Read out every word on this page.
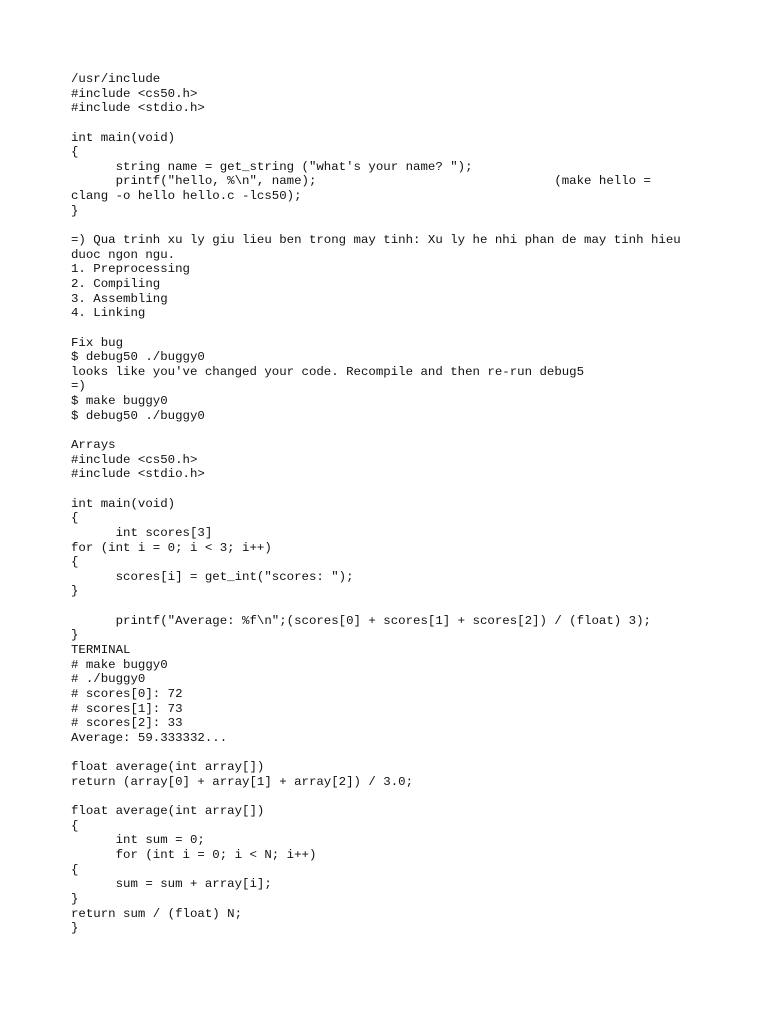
/usr/include
#include <cs50.h>
#include <stdio.h>
int main(void)
{
string name = get_string ("what's your name? ");
printf("hello, %\n", name);                                (make hello =
clang -o hello hello.c -lcs50);
}
=) Qua trinh xu ly giu lieu ben trong may tinh: Xu ly he nhi phan de may tinh hieu
duoc ngon ngu.
1. Preprocessing
2. Compiling
3. Assembling
4. Linking
Fix bug
$ debug50 ./buggy0
looks like you've changed your code. Recompile and then re-run debug5
=)
$ make buggy0
$ debug50 ./buggy0
Arrays
#include <cs50.h>
#include <stdio.h>
int main(void)
{
int scores[3]
for (int i = 0; i < 3; i++)
{
scores[i] = get_int("scores: ");
}
printf("Average: %f\n";(scores[0] + scores[1] + scores[2]) / (float) 3);
}
TERMINAL
# make buggy0
# ./buggy0
# scores[0]: 72
# scores[1]: 73
# scores[2]: 33
Average: 59.333332...
float average(int array[])
return (array[0] + array[1] + array[2]) / 3.0;
float average(int array[])
{
int sum = 0;
for (int i = 0; i < N; i++)
{
sum = sum + array[i];
}
return sum / (float) N;
}
